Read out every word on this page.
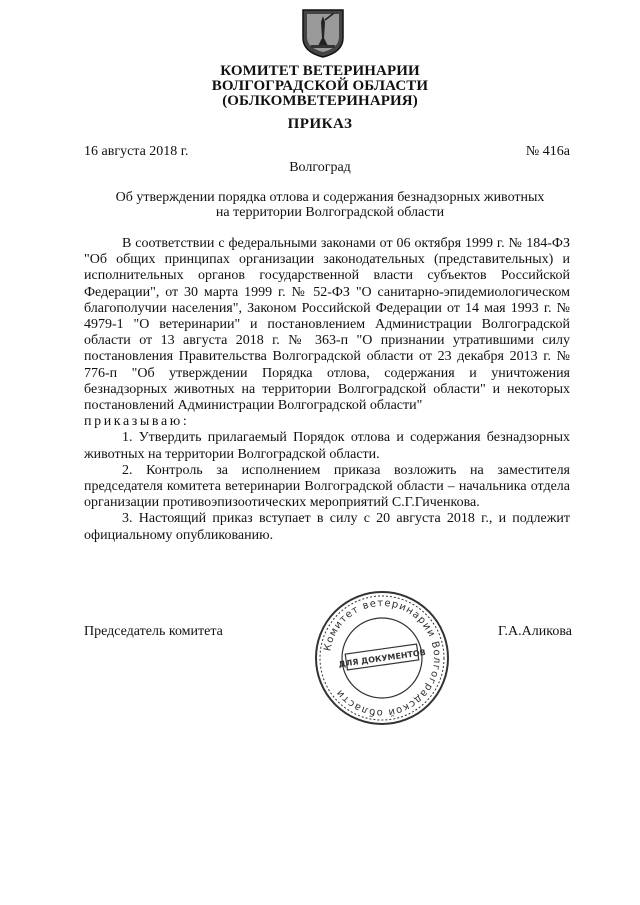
КОМИТЕТ ВЕТЕРИНАРИИ
ВОЛГОГРАДСКОЙ ОБЛАСТИ
(ОБЛКОМВЕТЕРИНАРИЯ)
ПРИКАЗ
16 августа 2018 г.	№ 416а
Волгоград
Об утверждении порядка отлова и содержания безнадзорных животных
на территории Волгоградской области

В соответствии с федеральными законами от 06 октября 1999 г. № 184-ФЗ "Об общих принципах организации законодательных (представительных) и исполнительных органов государственной власти субъектов Российской Федерации", от 30 марта 1999 г. № 52-ФЗ "О санитарно-эпидемиологическом благополучии населения", Законом Российской Федерации от 14 мая 1993 г. № 4979-1 "О ветеринарии" и постановлением Администрации Волгоградской области от 13 августа 2018 г. № 363-п "О признании утратившими силу постановления Правительства Волгоградской области от 23 декабря 2013 г. № 776-п "Об утверждении Порядка отлова, содержания и уничтожения безнадзорных животных на территории Волгоградской области" и некоторых постановлений Администрации Волгоградской области"

приказываю:

1. Утвердить прилагаемый Порядок отлова и содержания безнадзорных животных на территории Волгоградской области.

2. Контроль за исполнением приказа возложить на заместителя председателя комитета ветеринарии Волгоградской области – начальника отдела организации противоэпизоотических мероприятий С.Г.Гиченкова.

3. Настоящий приказ вступает в силу с 20 августа 2018 г., и подлежит официальному опубликованию.

Председатель комитета	Г.А.Аликова
Комитет ветеринарии Волгоградской области
ДЛЯ ДОКУМЕНТОВ
